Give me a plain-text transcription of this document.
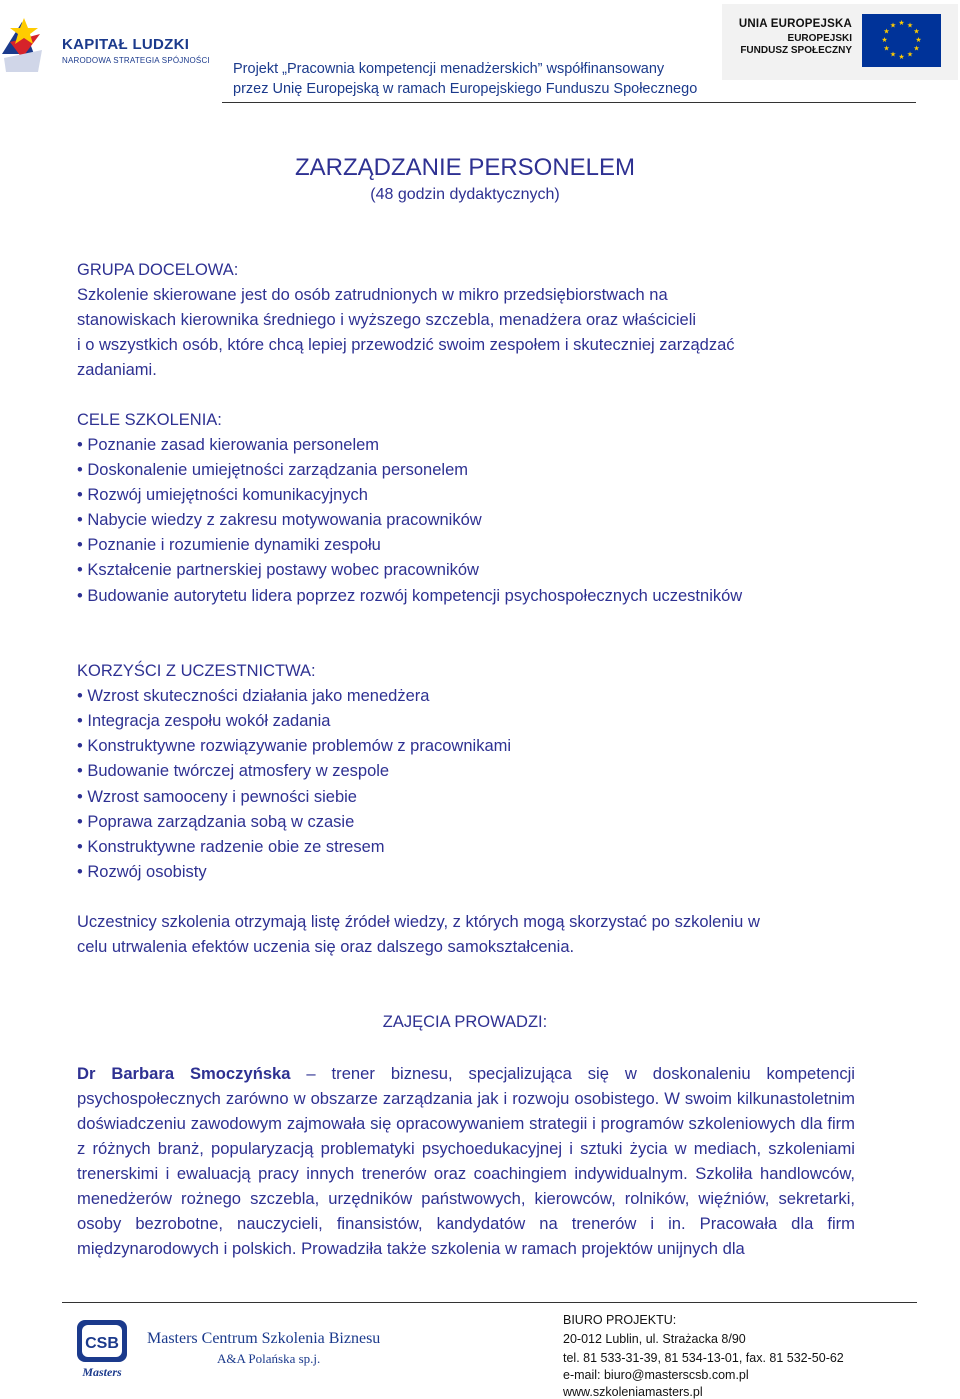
KAPITAŁ LUDZKI
NARODOWA STRATEGIA SPÓJNOŚCI
Projekt „Pracownia kompetencji menadżerskich” współfinansowany
przez Unię Europejską w ramach Europejskiego Funduszu Społecznego
UNIA EUROPEJSKA
EUROPEJSKI
FUNDUSZ SPOŁECZNY
★ ★
★
★
★
★
★
★
★
★
★
★
ZARZĄDZANIE PERSONELEM
(48 godzin dydaktycznych)
GRUPA DOCELOWA:
Szkolenie skierowane jest do osób zatrudnionych w mikro przedsiębiorstwach na
stanowiskach kierownika średniego i wyższego szczebla, menadżera oraz właścicieli
i o wszystkich osób, które chcą lepiej przewodzić swoim zespołem i skuteczniej zarządzać
zadaniami.
CELE SZKOLENIA:
• Poznanie zasad kierowania personelem
• Doskonalenie umiejętności zarządzania personelem
• Rozwój umiejętności komunikacyjnych
• Nabycie wiedzy z zakresu motywowania pracowników
• Poznanie i rozumienie dynamiki zespołu
• Kształcenie partnerskiej postawy wobec pracowników
• Budowanie autorytetu lidera poprzez rozwój kompetencji psychospołecznych uczestników
KORZYŚCI Z UCZESTNICTWA:
• Wzrost skuteczności działania jako menedżera
• Integracja zespołu wokół zadania
• Konstruktywne rozwiązywanie problemów z pracownikami
• Budowanie twórczej atmosfery w zespole
• Wzrost samooceny i pewności siebie
• Poprawa zarządzania sobą w czasie
• Konstruktywne radzenie obie ze stresem
• Rozwój osobisty
Uczestnicy szkolenia otrzymają listę źródeł wiedzy, z których mogą skorzystać po szkoleniu w
celu utrwalenia efektów uczenia się oraz dalszego samokształcenia.
ZAJĘCIA PROWADZI:
Dr Barbara Smoczyńska – trener biznesu, specjalizująca się w doskonaleniu kompetencji psychospołecznych zarówno w obszarze zarządzania jak i rozwoju osobistego. W swoim kilkunastoletnim doświadczeniu zawodowym zajmowała się opracowywaniem strategii i programów szkoleniowych dla firm z różnych branż, popularyzacją problematyki psychoedukacyjnej i sztuki życia w mediach, szkoleniami trenerskimi i ewaluacją pracy innych trenerów oraz coachingiem indywidualnym. Szkoliła handlowców, menedżerów rożnego szczebla, urzędników państwowych, kierowców, rolników, więźniów, sekretarki, osoby bezrobotne, nauczycieli, finansistów, kandydatów na trenerów i in. Pracowała dla firm międzynarodowych i polskich. Prowadziła także szkolenia w ramach projektów unijnych dla
CSB
Masters
Masters Centrum Szkolenia Biznesu
A&A Polańska sp.j.
BIURO PROJEKTU:
20-012 Lublin, ul. Strażacka 8/90
tel. 81 533-31-39, 81 534-13-01, fax. 81 532-50-62
e-mail: biuro@masterscsb.com.pl
www.szkoleniamasters.pl
